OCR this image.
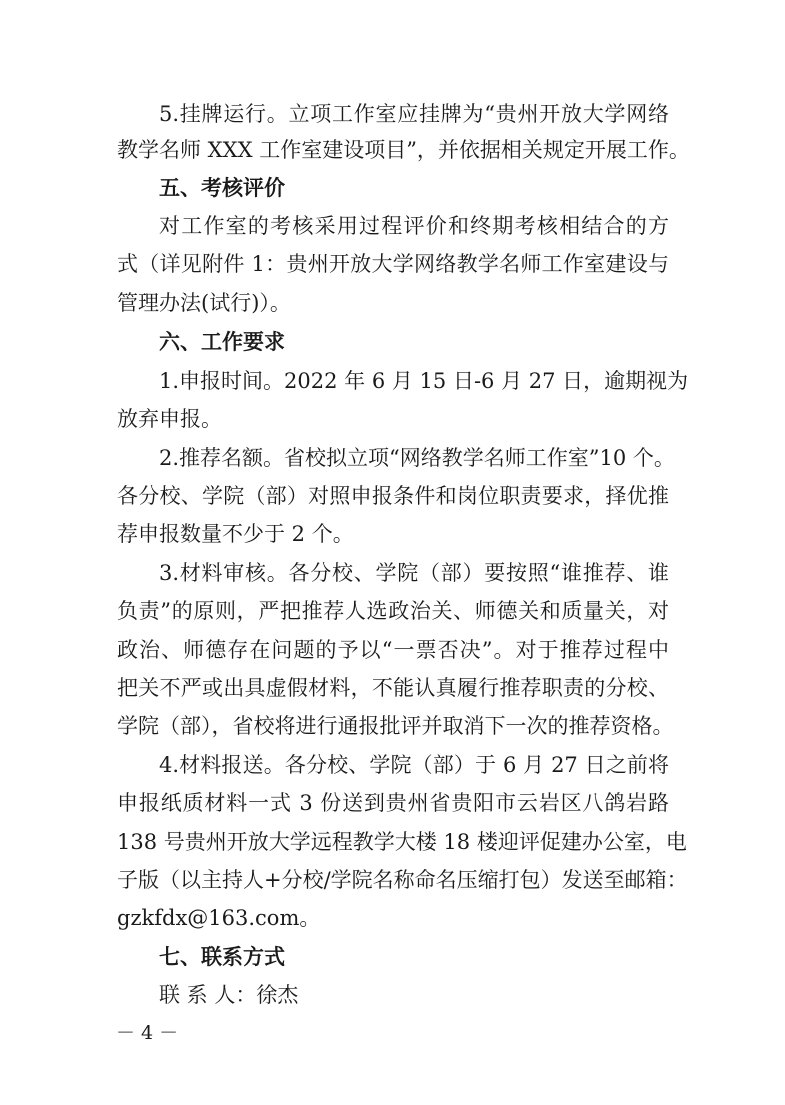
5.挂牌运行。立项工作室应挂牌为“贵州开放大学网络
教学名师 XXX 工作室建设项目”，并依据相关规定开展工作。
五、考核评价
对工作室的考核采用过程评价和终期考核相结合的方
式（详见附件 1：贵州开放大学网络教学名师工作室建设与
管理办法(试行)）。
六、工作要求
1.申报时间。2022 年 6 月 15 日-6 月 27 日，逾期视为
放弃申报。
2.推荐名额。省校拟立项“网络教学名师工作室”10 个。
各分校、学院（部）对照申报条件和岗位职责要求，择优推
荐申报数量不少于 2 个。
3.材料审核。各分校、学院（部）要按照“谁推荐、谁
负责”的原则，严把推荐人选政治关、师德关和质量关，对
政治、师德存在问题的予以“一票否决”。对于推荐过程中
把关不严或出具虚假材料，不能认真履行推荐职责的分校、
学院（部），省校将进行通报批评并取消下一次的推荐资格。
4.材料报送。各分校、学院（部）于 6 月 27 日之前将
申报纸质材料一式 3 份送到贵州省贵阳市云岩区八鸽岩路
138 号贵州开放大学远程教学大楼 18 楼迎评促建办公室，电
子版（以主持人+分校/学院名称命名压缩打包）发送至邮箱：
gzkfdx@163.com。
七、联系方式
联 系 人：徐杰
－ 4 －
